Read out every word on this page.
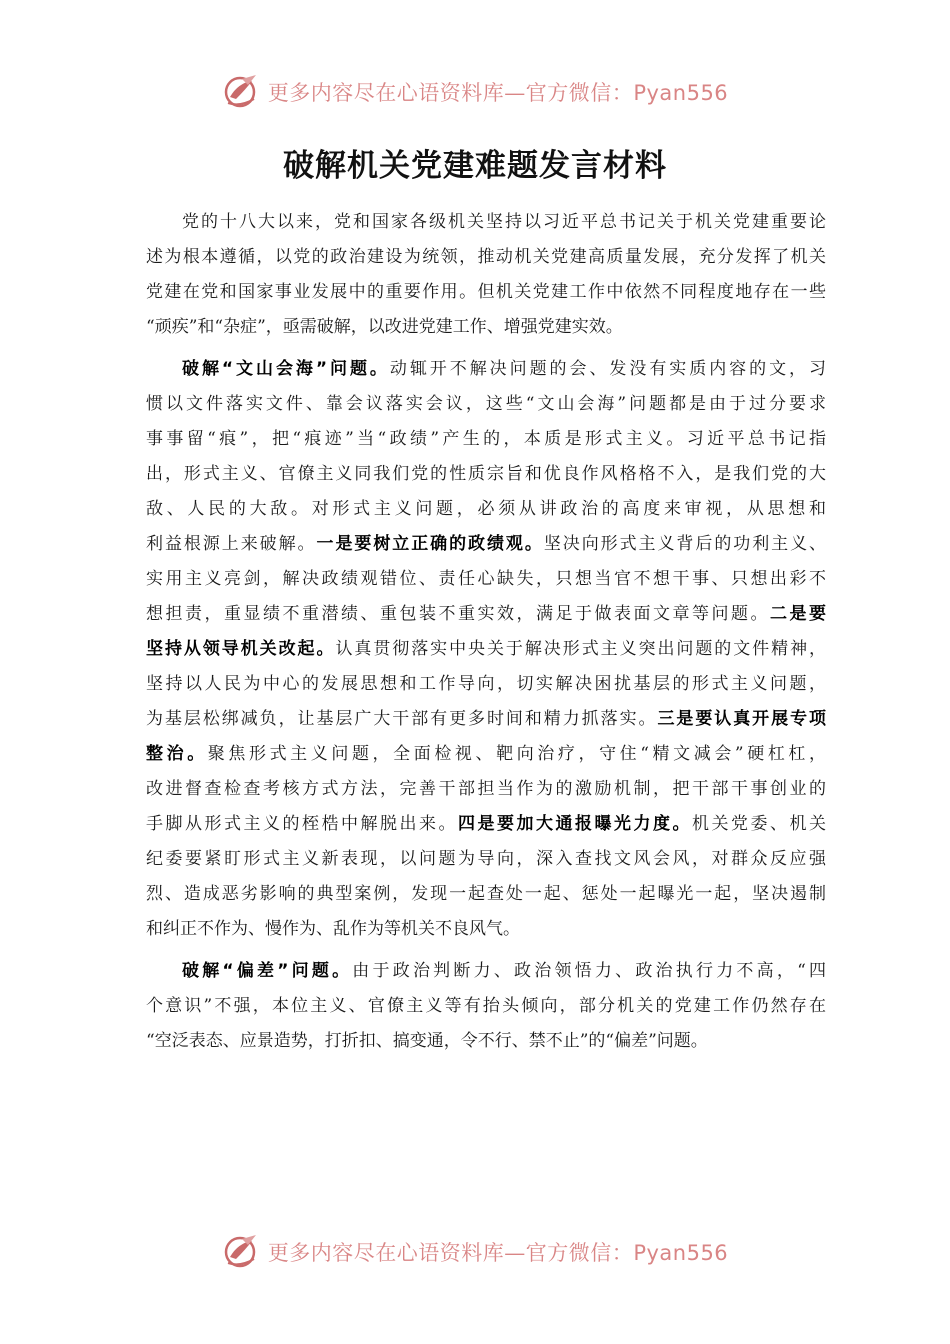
更多内容尽在心语资料库—官方微信：Pyan556
破解机关党建难题发言材料
党的十八大以来，党和国家各级机关坚持以习近平总书记关于机关党建重要论
述为根本遵循，以党的政治建设为统领，推动机关党建高质量发展，充分发挥了机关
党建在党和国家事业发展中的重要作用。但机关党建工作中依然不同程度地存在一些
“顽疾”和“杂症”，亟需破解，以改进党建工作、增强党建实效。
破解“文山会海”问题。动辄开不解决问题的会、发没有实质内容的文，习
惯以文件落实文件、靠会议落实会议，这些“文山会海”问题都是由于过分要求
事事留“痕”，把“痕迹”当“政绩”产生的，本质是形式主义。习近平总书记指
出，形式主义、官僚主义同我们党的性质宗旨和优良作风格格不入，是我们党的大
敌、人民的大敌。对形式主义问题，必须从讲政治的高度来审视，从思想和
利益根源上来破解。一是要树立正确的政绩观。坚决向形式主义背后的功利主义、
实用主义亮剑，解决政绩观错位、责任心缺失，只想当官不想干事、只想出彩不
想担责，重显绩不重潜绩、重包装不重实效，满足于做表面文章等问题。二是要
坚持从领导机关改起。认真贯彻落实中央关于解决形式主义突出问题的文件精神，
坚持以人民为中心的发展思想和工作导向，切实解决困扰基层的形式主义问题，
为基层松绑减负，让基层广大干部有更多时间和精力抓落实。三是要认真开展专项
整治。聚焦形式主义问题，全面检视、靶向治疗，守住“精文减会”硬杠杠，
改进督查检查考核方式方法，完善干部担当作为的激励机制，把干部干事创业的
手脚从形式主义的桎梏中解脱出来。四是要加大通报曝光力度。机关党委、机关
纪委要紧盯形式主义新表现，以问题为导向，深入查找文风会风，对群众反应强
烈、造成恶劣影响的典型案例，发现一起查处一起、惩处一起曝光一起，坚决遏制
和纠正不作为、慢作为、乱作为等机关不良风气。
破解“偏差”问题。由于政治判断力、政治领悟力、政治执行力不高，“四
个意识”不强，本位主义、官僚主义等有抬头倾向，部分机关的党建工作仍然存在
“空泛表态、应景造势，打折扣、搞变通，令不行、禁不止”的“偏差”问题。
更多内容尽在心语资料库—官方微信：Pyan556
